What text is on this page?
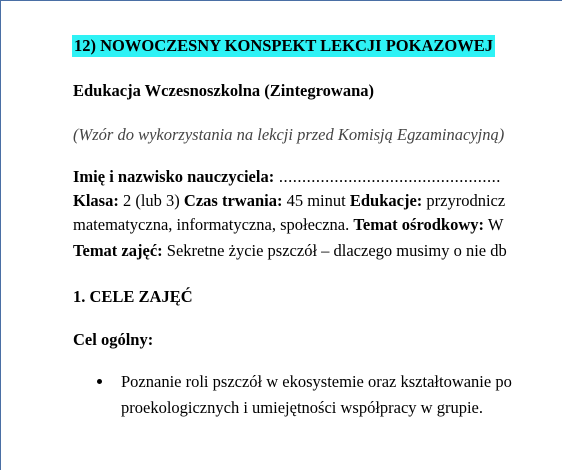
12) NOWOCZESNY KONSPEKT LEKCJI POKAZOWEJ
Edukacja Wczesnoszkolna (Zintegrowana)
(Wzór do wykorzystania na lekcji przed Komisją Egzaminacyjną)
Imię i nazwisko nauczyciela: ................................................
Klasa: 2 (lub 3) Czas trwania: 45 minut Edukacje: przyrodnicz
matematyczna, informatyczna, społeczna. Temat ośrodkowy: W
Temat zajęć: Sekretne życie pszczół – dlaczego musimy o nie db
1. CELE ZAJĘĆ
Cel ogólny:
Poznanie roli pszczół w ekosystemie oraz kształtowanie po
proekologicznych i umiejętności współpracy w grupie.
